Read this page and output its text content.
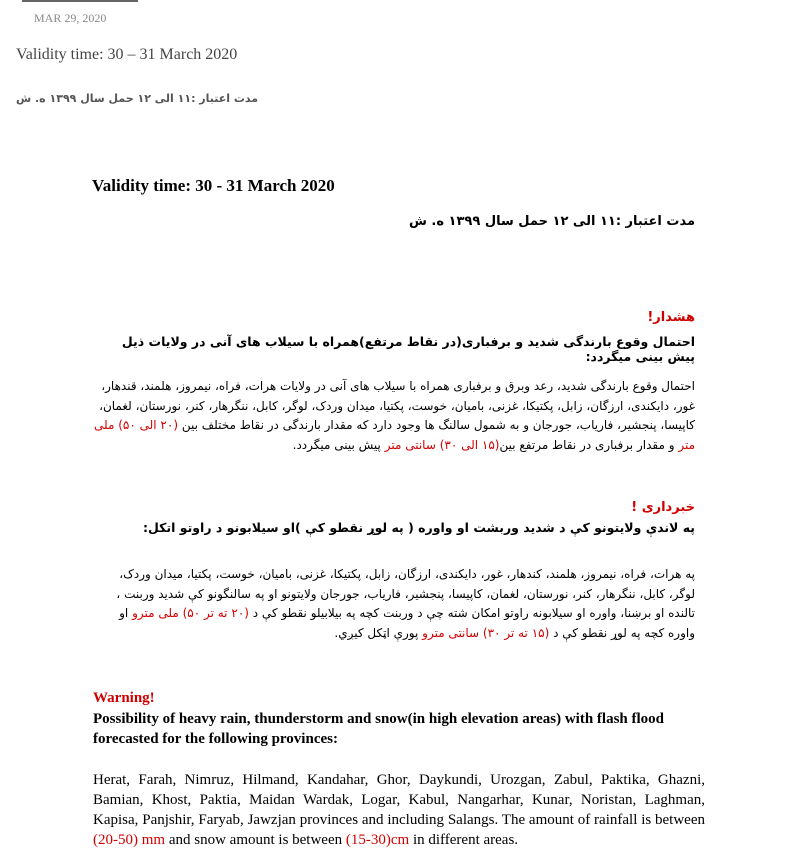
MAR 29, 2020
Validity time: 30 – 31 March 2020
مدت اعتبار :۱۱ الی ۱۲ حمل سال ۱۳۹۹ ه. ش
Validity time: 30 - 31 March 2020
مدت اعتبار :۱۱ الی ۱۲ حمل سال ۱۳۹۹ ه. ش
هشدار!
احتمال وقوع بارندگی شدید و برفباری(در نقاط مرتفع)همراه با سیلاب های آنی در ولایات ذیل پیش بینی میگردد:
احتمال وقوع بارندگی شدید، رعد وبرق و برفباری همراه با سیلاب های آنی در ولایات هرات، فراه، نیمروز، هلمند، قندهار، غور، دایکندی، ارزگان، زابل، پکتیکا، غزنی، بامیان، خوست، پکتیا، میدان وردک، لوگر، کابل، ننگرهار، کنر، نورستان، لغمان، کاپیسا، پنجشیر، فاریاب، جورجان و به شمول سالنگ ها وجود دارد که مقدار بارندگی در نقاط مختلف بین (۲۰ الی ۵۰) ملی متر و مقدار برفباری در نقاط مرتفع بین(۱۵ الی ۳۰) سانتی متر پیش بینی میگردد.
خبرداری !
په لاندې ولایتونو کې د شدید وربشت او واوره ( په لوړ نقطو کې )او سیلابونو د راوتو اتکل:
په هرات، فراه، نیمروز، هلمند، کندهار، غور، دایکندی، ارزگان، زابل، پکتیکا، غزنی، بامیان، خوست، پکتیا، میدان وردک، لوگر، کابل، ننگرهار، کنر، نورستان، لغمان، کاپیسا، پنجشیر، فاریاب، جورجان ولایتونو او په سالنگونو کې شدید وربنت ، تالنده او برښنا، واوره او سیلابونه راوتو امکان شته چې د وربنت کچه په بیلابیلو نقطو کې د (۲۰ ته تر ۵۰) ملی مترو او واوره کچه په لوړ نقطو کې د (۱۵ ته تر ۳۰) سانتی مترو پورې اټکل کیږي.
Warning!
Possibility of heavy rain, thunderstorm and snow(in high elevation areas) with flash flood forecasted for the following provinces:
Herat, Farah, Nimruz, Hilmand, Kandahar, Ghor, Daykundi, Urozgan, Zabul, Paktika, Ghazni, Bamian, Khost, Paktia, Maidan Wardak, Logar, Kabul, Nangarhar, Kunar, Noristan, Laghman, Kapisa, Panjshir, Faryab, Jawzjan provinces and including Salangs. The amount of rainfall is between (20-50) mm and snow amount is between (15-30)cm in different areas.
